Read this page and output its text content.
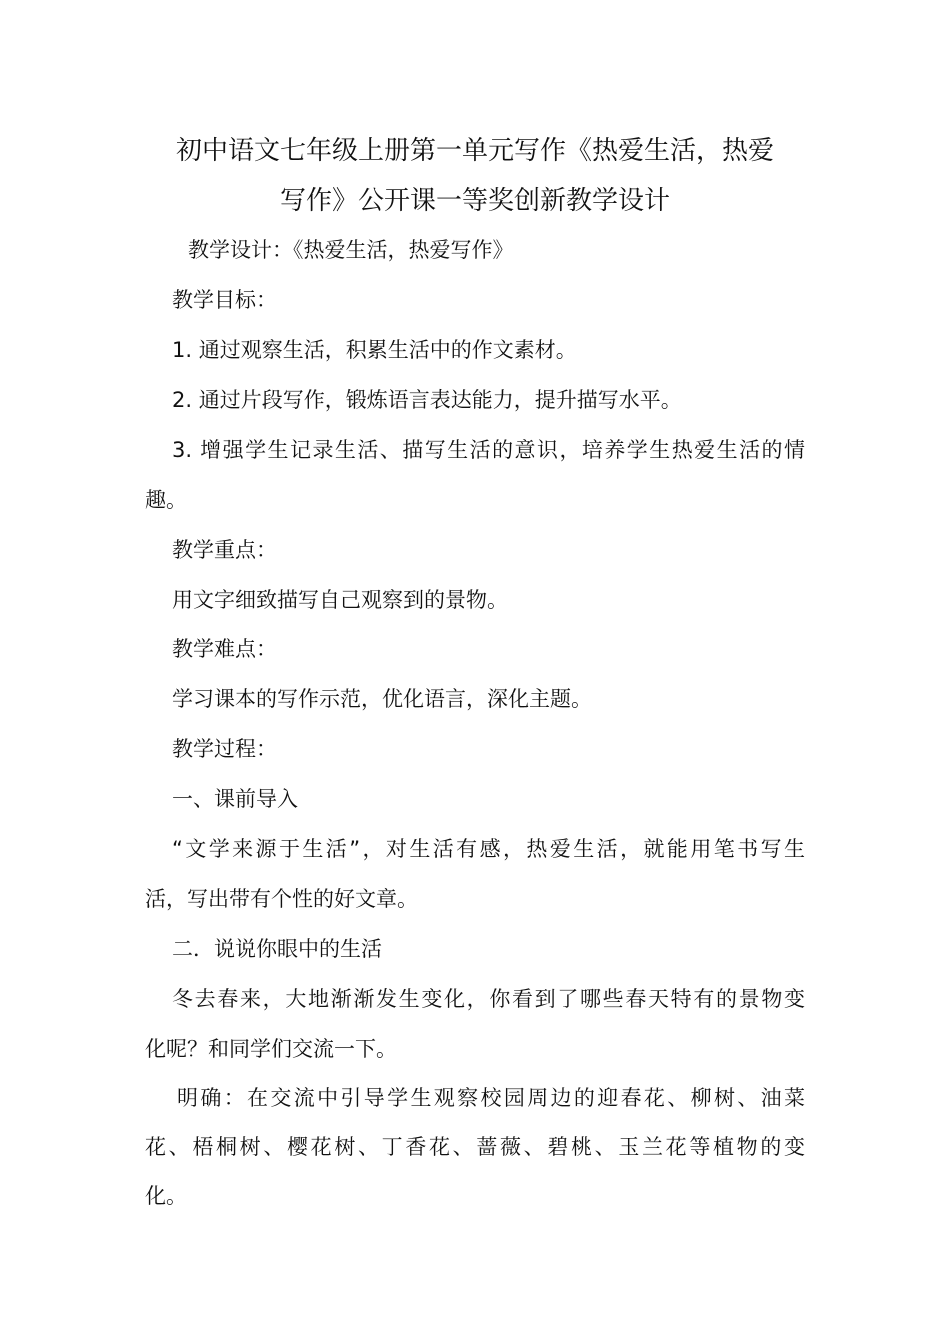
初中语文七年级上册第一单元写作《热爱生活，热爱
写作》公开课一等奖创新教学设计

教学设计：《热爱生活，热爱写作》

教学目标：

1. 通过观察生活，积累生活中的作文素材。

2. 通过片段写作，锻炼语言表达能力，提升描写水平。

3. 增强学生记录生活、描写生活的意识，培养学生热爱生活的情

趣。

教学重点：

用文字细致描写自己观察到的景物。

教学难点：

学习课本的写作示范，优化语言，深化主题。

教学过程：

一、课前导入

“文学来源于生活”，对生活有感，热爱生活，就能用笔书写生

活，写出带有个性的好文章。

二．说说你眼中的生活

冬去春来，大地渐渐发生变化，你看到了哪些春天特有的景物变

化呢？和同学们交流一下。

明确：在交流中引导学生观察校园周边的迎春花、柳树、油菜

花、梧桐树、樱花树、丁香花、蔷薇、碧桃、玉兰花等植物的变

化。
